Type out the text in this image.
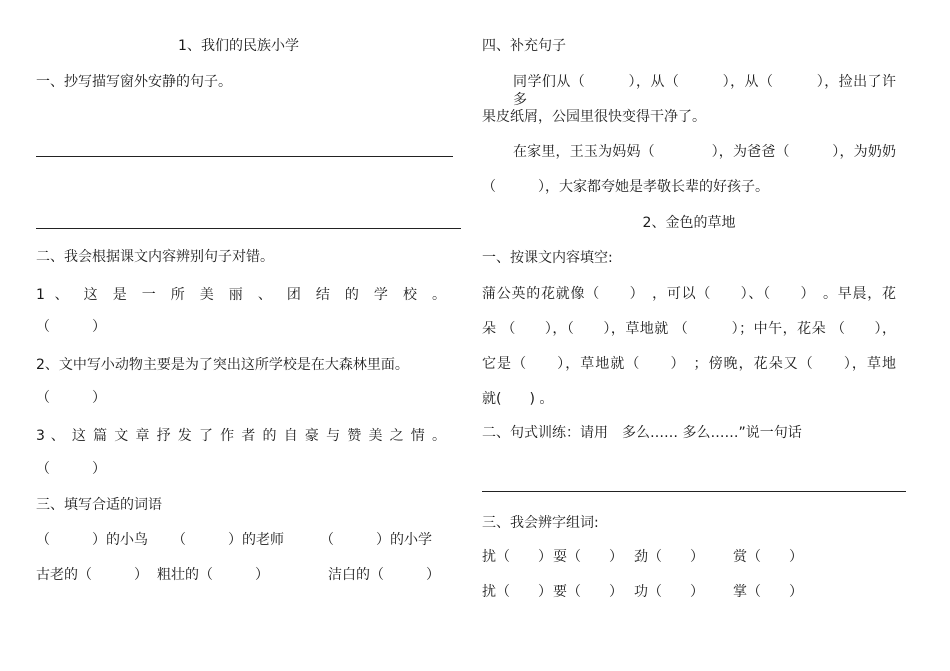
1、我们的民族小学
一、抄写描写窗外安静的句子。
二、我会根据课文内容辨别句子对错。
1 、 这 是 一 所 美 丽 、 团 结 的 学 校 。
（　　　）
2、文中写小动物主要是为了突出这所学校是在大森林里面。
（　　　）
3 、 这 篇 文 章 抒 发 了 作 者 的 自 豪 与 赞 美 之 情 。
（　　　）
三、填写合适的词语
（　　　）的小鸟 （　　　）的老师	（　　　）的小学
古老的（　　　） 粗壮的（　　　）	洁白的（　　　）
四、补充句子
同学们从（　　　），从（　　　），从（　　　），捡出了许多
果皮纸屑，公园里很快变得干净了。
在家里，王玉为妈妈（　　　　），为爸爸（　　　），为奶奶
（　　　），大家都夸她是孝敬长辈的好孩子。
2、金色的草地
一、按课文内容填空:
蒲公英的花就像（　　）　，可以（　　）、（　　）　。早晨，花
朵 （　　），（　　），草地就 （　　　）；中午，花朵 （　　），
它是（　　），草地就（　　）　；傍晚，花朵又（　　），草地
就(　　) 。
二、句式训练：请用　多么…… 多么……”说一句话
三、我会辨字组词:
扰（　　） 耍（　　） 劲（　　） 赏（　　）
扰（　　） 要（　　） 功（　　） 掌（　　）
